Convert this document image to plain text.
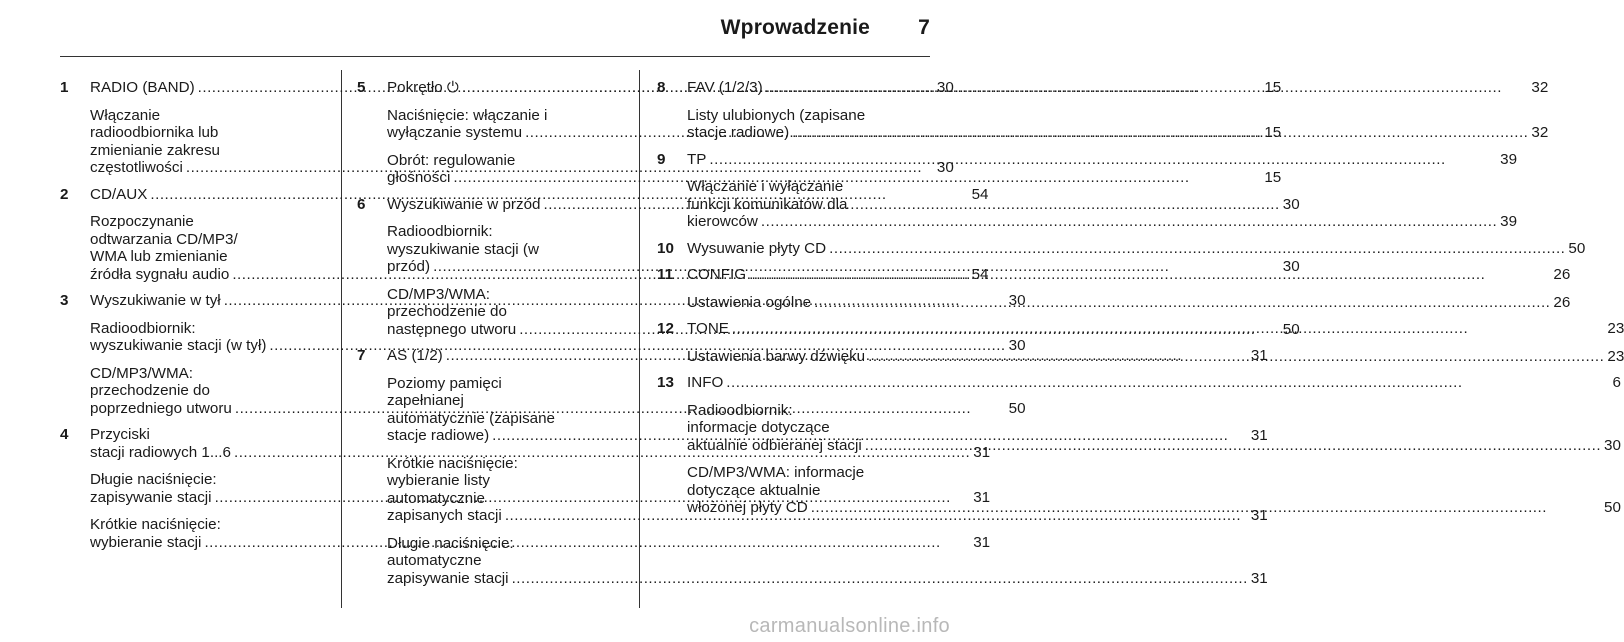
Wprowadzenie 7
1	RADIO (BAND) .....	30
Włączanie
radioodbiornika lub
zmienianie zakresu
częstotliwości .....	30
2	CD/AUX .....	54
Rozpoczynanie
odtwarzania CD/MP3/
WMA lub zmienianie
źródła sygnału audio .....	54
3	Wyszukiwanie w tył .....	30
Radioodbiornik:
wyszukiwanie stacji (w tył) .....	30
CD/MP3/WMA:
przechodzenie do
poprzedniego utworu .....	50
4	Przyciski
stacji radiowych 1...6 .....	31
Długie naciśnięcie:
zapisywanie stacji .....	31
Krótkie naciśnięcie:
wybieranie stacji .....	31
5	Pokrętło ⏻ .....	15
Naciśnięcie: włączanie i
wyłączanie systemu .....	15
Obrót: regulowanie
głośności .....	15
6	Wyszukiwanie w przód .....	30
Radioodbiornik:
wyszukiwanie stacji (w
przód) .....	30
CD/MP3/WMA:
przechodzenie do
następnego utworu .....	50
7	AS (1/2) .....	31
Poziomy pamięci
zapełnianej
automatycznie (zapisane
stacje radiowe) .....	31
Krótkie naciśnięcie:
wybieranie listy
automatycznie
zapisanych stacji .....	31
Długie naciśnięcie:
automatyczne
zapisywanie stacji .....	31
8	FAV (1/2/3) .....	32
Listy ulubionych (zapisane
stacje radiowe) .....	32
9	TP .....	39
Włączanie i wyłączanie
funkcji komunikatów dla
kierowców .....	39
10 Wysuwanie płyty CD .....	50
11 CONFIG .....	26
Ustawienia ogólne .....	26
12 TONE .....	23
Ustawienia barwy dźwięku .....	23
13 INFO .....	6
Radioodbiornik:
informacje dotyczące
aktualnie odbieranej stacji .....	30
CD/MP3/WMA: informacje
dotyczące aktualnie
włożonej płyty CD .....	50
carmanualsonline.info
